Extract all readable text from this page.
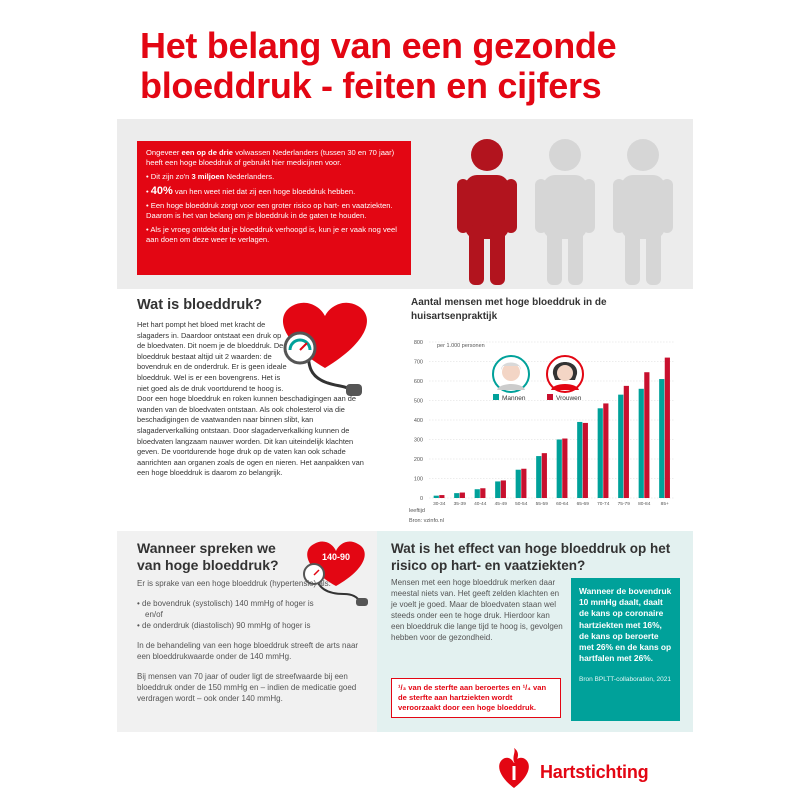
Het belang van een gezonde
bloeddruk - feiten en cijfers

Ongeveer een op de drie volwassen Nederlanders (tussen 30 en 70 jaar) heeft een hoge bloeddruk of gebruikt hier medicijnen voor.

• Dit zijn zo'n 3 miljoen Nederlanders.

• 40% van hen weet niet dat zij een hoge bloeddruk hebben.

• Een hoge bloeddruk zorgt voor een groter risico op hart- en vaatziekten. Daarom is het van belang om je bloeddruk in de gaten te houden.

• Als je vroeg ontdekt dat je bloeddruk verhoogd is, kun je er vaak nog veel aan doen om deze weer te verlagen.

Wat is bloeddruk?
Het hart pompt het bloed met kracht de slagaders in. Daardoor ontstaat een druk op de bloedvaten. Dit noem je de bloeddruk. De bloeddruk bestaat altijd uit 2 waarden: de bovendruk en de onderdruk. Er is geen ideale bloeddruk. Wel is er een bovengrens. Het is niet goed als de druk voortdurend te hoog is.
Door een hoge bloeddruk en roken kunnen beschadigingen aan de wanden van de bloedvaten ontstaan. Als ook cholesterol via die beschadigingen de vaatwanden naar binnen slibt, kan slagaderverkalking ontstaan. Door slagaderverkalking kunnen de bloedvaten langzaam nauwer worden. Dit kan uiteindelijk klachten geven. De voortdurende hoge druk op de vaten kan ook schade aanrichten aan organen zoals de ogen en nieren. Het aanpakken van een hoge bloeddruk is daarom zo belangrijk.
Aantal mensen met hoge bloeddruk in de huisartsenpraktijk
per 1.000 personen
0
100
200
300
400
500
600
700
800
30-34 35-39 40-44 45-49 50-54 55-59 60-64 65-69 70-74 75-79 80-84 85+
Mannen	Vrouwen
leeftijd
Bron: vzinfo.nl
Wanneer spreken we
van hoge bloeddruk?	140-90

Er is sprake van een hoge bloeddruk (hypertensie) als:

• de bovendruk (systolisch) 140 mmHg of hoger is
en/of
• de onderdruk (diastolisch) 90 mmHg of hoger is

In de behandeling van een hoge bloeddruk streeft de arts naar een bloeddrukwaarde onder de 140 mmHg.

Bij mensen van 70 jaar of ouder ligt de streefwaarde bij een bloeddruk onder de 150 mmHg en – indien de medicatie goed verdragen wordt – ook onder 140 mmHg.

Wat is het effect van hoge bloeddruk op het risico op hart- en vaatziekten?
Mensen met een hoge bloeddruk merken daar meestal niets van. Het geeft zelden klachten en je voelt je goed. Maar de bloedvaten staan wel steeds onder een te hoge druk. Hierdoor kan een bloeddruk die lange tijd te hoog is, gevolgen hebben voor de gezondheid.
¹/₃ van de sterfte aan beroertes en ¹/₄ van de sterfte aan hartziekten wordt veroorzaakt door een hoge bloeddruk.
Wanneer de bovendruk 10 mmHg daalt, daalt de kans op coronaire hartziekten met 16%, de kans op beroerte met 26% en de kans op hartfalen met 26%.
Bron BPLTT-collaboration, 2021
Hartstichting
